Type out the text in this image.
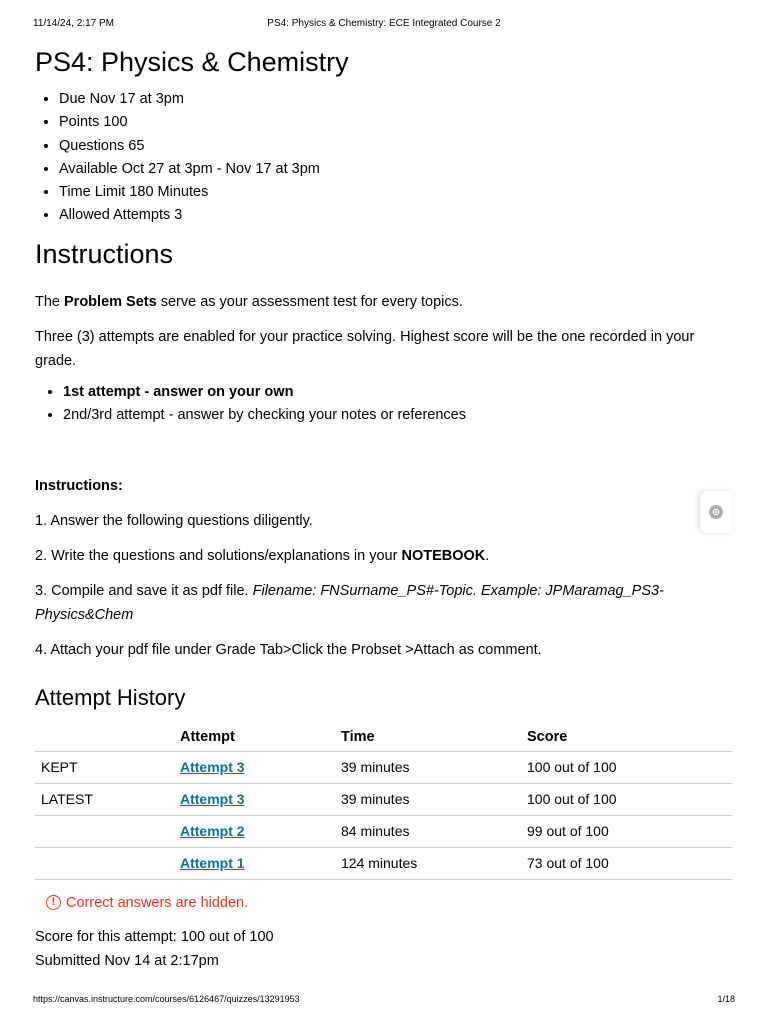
11/14/24, 2:17 PM	PS4: Physics & Chemistry: ECE Integrated Course 2
PS4: Physics & Chemistry
• Due Nov 17 at 3pm
• Points 100
• Questions 65
• Available Oct 27 at 3pm - Nov 17 at 3pm
• Time Limit 180 Minutes
• Allowed Attempts 3
Instructions

The Problem Sets serve as your assessment test for every topics.

Three (3) attempts are enabled for your practice solving. Highest score will be the one recorded in your grade.

• 1st attempt - answer on your own
• 2nd/3rd attempt - answer by checking your notes or references

Instructions:

1. Answer the following questions diligently.

2. Write the questions and solutions/explanations in your NOTEBOOK.

3. Compile and save it as pdf file. Filename: FNSurname_PS#-Topic. Example: JPMaramag_PS3-Physics&Chem

4. Attach your pdf file under Grade Tab>Click the Probset >Attach as comment.

Attempt History
	Attempt	Time	Score
KEPT	Attempt 3	39 minutes	100 out of 100
LATEST	Attempt 3	39 minutes	100 out of 100
	Attempt 2	84 minutes	99 out of 100
	Attempt 1	124 minutes	73 out of 100
! Correct answers are hidden.
Score for this attempt: 100 out of 100
Submitted Nov 14 at 2:17pm
https://canvas.instructure.com/courses/6126467/quizzes/13291953	1/18
